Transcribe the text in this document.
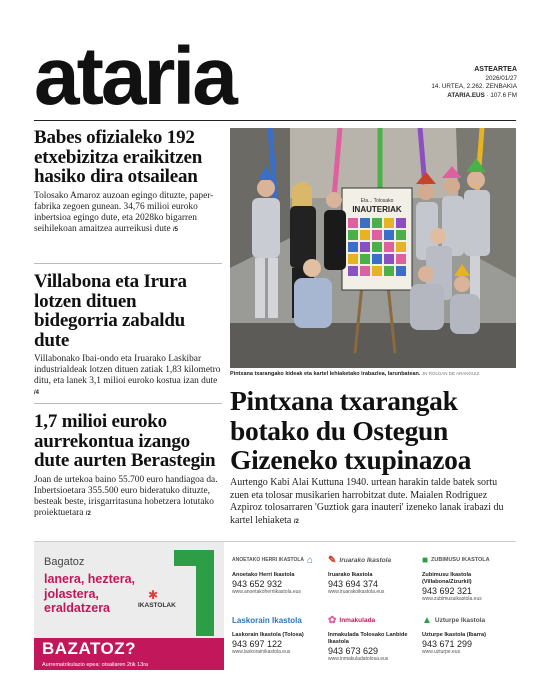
ataria	ASTEARTEA
2026/01/27
14. URTEA, 2.262. ZENBAKIA
ATARIA.EUS · 107.6 FM
Babes ofizialeko 192 etxebizitza eraikitzen hasiko dira otsailean

Tolosako Amaroz auzoan egingo dituzte, paper-fabrika zegoen gunean. 34,76 milioi euroko inbertsioa egingo dute, eta 2028ko bigarren seihilekoan amaitzea aurreikusi dute /5

Villabona eta Irura lotzen dituen bidegorria zabaldu dute

Villabonako Ibai-ondo eta Iruarako Laskibar industrialdeak lotzen dituen zatiak 1,83 kilometro ditu, eta lanek 3,1 milioi euroko kostua izan dute /4

1,7 milioi euroko aurrekontua izango dute aurten Berastegin

Joan de urtekoa baino 55.700 euro handiagoa da. Inbertsioetara 355.500 euro bideratuko dituzte, besteak beste, irisgarritasuna hobetzera lotutako proiektuetara /2

Eta... Tolosako
INAUTERIAK
Pintxana txarangako kideak eta kartel lehiaketako irabazlea, larunbatean. JN ROLDAN DE ARANGUIZ
Pintxana txarangak botako du Ostegun Gizeneko txupinazoa

Aurtengo Kabi Alai Kuttuna 1940. urtean harakin talde batek sortu zuen eta tolosar musikarien harrobitzat dute. Maialen Rodriguez Azpiroz tolosarraren 'Guztiok gara inauteri' izeneko lanak irabazi du kartel lehiaketa /2

Bagatoz
lanera, heztera,
jolastera,
eraldatzera
✱
IKASTOLAK
BAZATOZ?
Aurrematrikulazio epea: otsailaren 2tik 13ra
ANOETAKO HERRI IKASTOLA ⌂
Anoetako Herri Ikastola
943 652 932
www.anoetakoherriikastola.eus
✎ Iruarako Ikastola
Iruarako Ikastola
943 694 374
www.iruarakoikastola.eus
■ ZUBIMUSU IKASTOLA
Zubimusu Ikastola (Villabona/Zizurkil)
943 692 321
www.zubimusuikastola.eus
Laskorain Ikastola
Laskorain Ikastola (Tolosa)
943 697 122
www.laskorainikastola.eus
✿ Inmakulada
Inmakulada Tolosako Lanbide Ikastola
943 673 629
www.inmakuladatolosa.eus
▲ Uzturpe Ikastola
Uzturpe Ikastola (Ibarra)
943 671 299
www.uzturpe.eus
